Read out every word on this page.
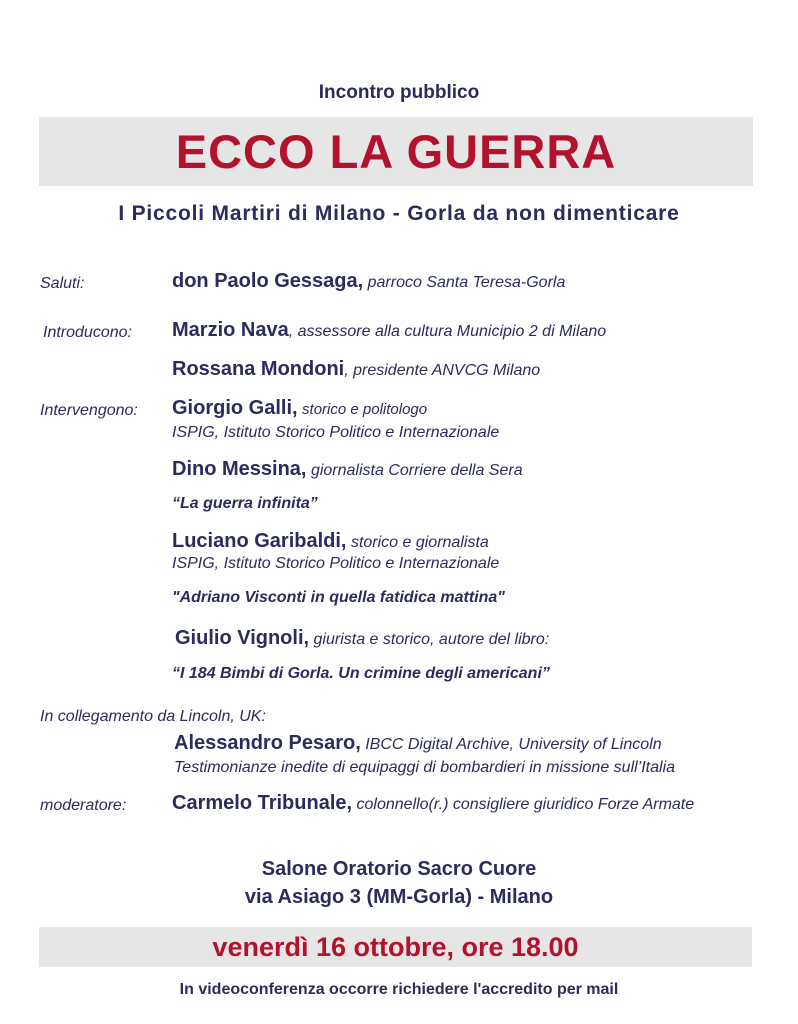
Incontro pubblico
ECCO LA GUERRA
I Piccoli Martiri di Milano - Gorla da non dimenticare
Saluti:	don Paolo Gessaga, parroco Santa Teresa-Gorla
Introducono: Marzio Nava, assessore alla cultura Municipio 2 di Milano
Rossana Mondoni, presidente ANVCG Milano
Intervengono: Giorgio Galli, storico e politologo
ISPIG, Istituto Storico Politico e Internazionale
Dino Messina, giornalista Corriere della Sera
“La guerra infinita”
Luciano Garibaldi, storico e giornalista
ISPIG, Istituto Storico Politico e Internazionale
"Adriano Visconti in quella fatidica mattina"
Giulio Vignoli, giurista e storico, autore del libro:
“I 184 Bimbi di Gorla. Un crimine degli americani”
In collegamento da Lincoln, UK:
Alessandro Pesaro, IBCC Digital Archive, University of Lincoln
Testimonianze inedite di equipaggi di bombardieri in missione sull’Italia
moderatore: Carmelo Tribunale, colonnello(r.) consigliere giuridico Forze Armate
Salone Oratorio Sacro Cuore
via Asiago 3 (MM-Gorla) - Milano
venerdì 16 ottobre, ore 18.00
In videoconferenza occorre richiedere l'accredito per mail
